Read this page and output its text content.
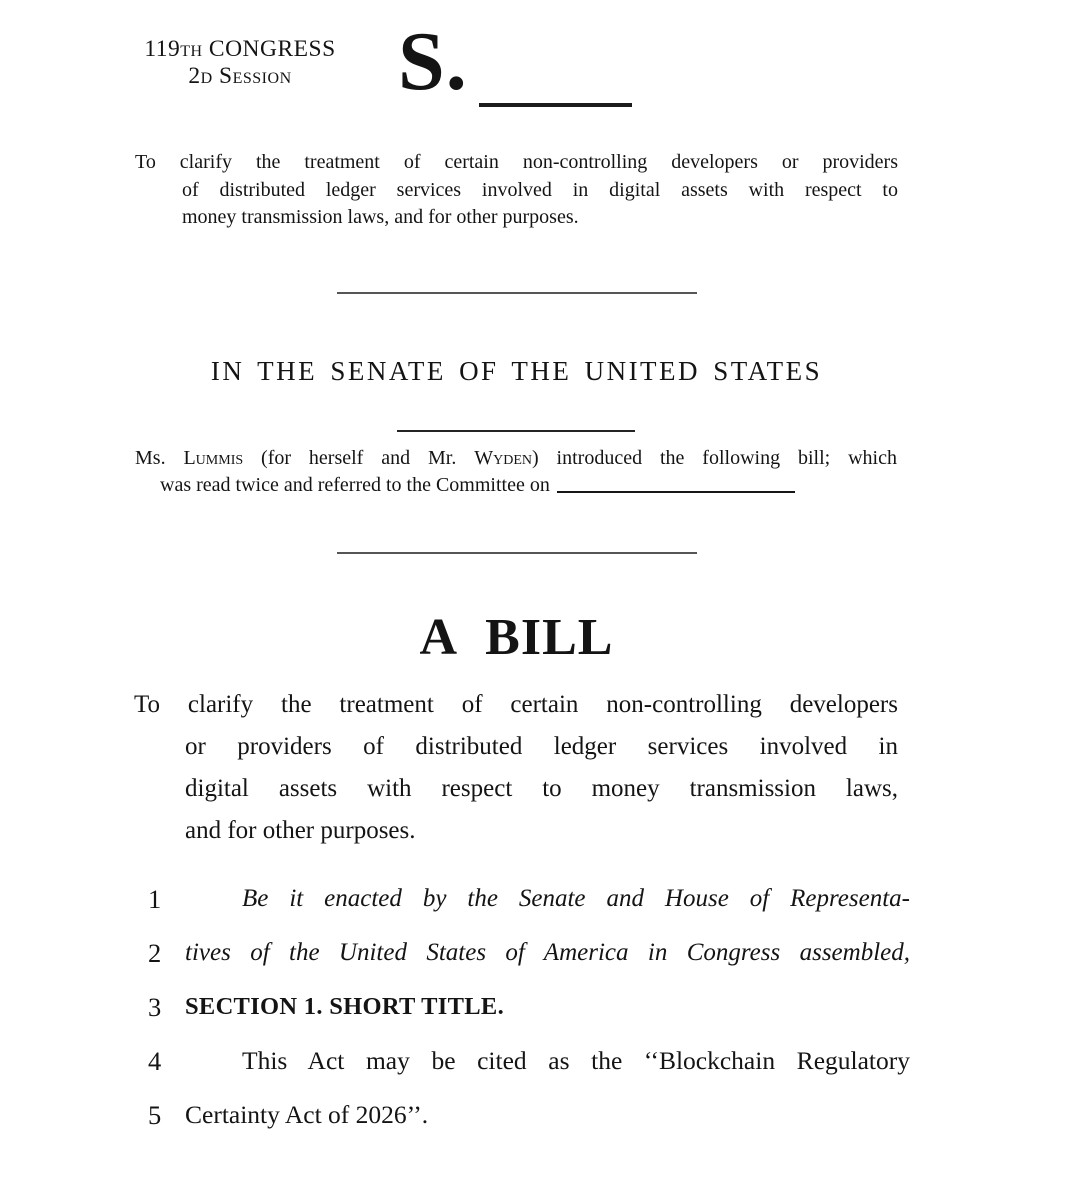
119th CONGRESS
2d Session	S.
To clarify the treatment of certain non-controlling developers or providers
of distributed ledger services involved in digital assets with respect to
money transmission laws, and for other purposes.
IN THE SENATE OF THE UNITED STATES
Ms. Lummis (for herself and Mr. Wyden) introduced the following bill; which
was read twice and referred to the Committee on
A BILL
To clarify the treatment of certain non-controlling developers
or providers of distributed ledger services involved in
digital assets with respect to money transmission laws,
and for other purposes.
1	Be it enacted by the Senate and House of Representa-
2 tives of the United States of America in Congress assembled,
3 SECTION 1. SHORT TITLE.
4	This Act may be cited as the ‘‘Blockchain Regulatory
5 Certainty Act of 2026’’.
